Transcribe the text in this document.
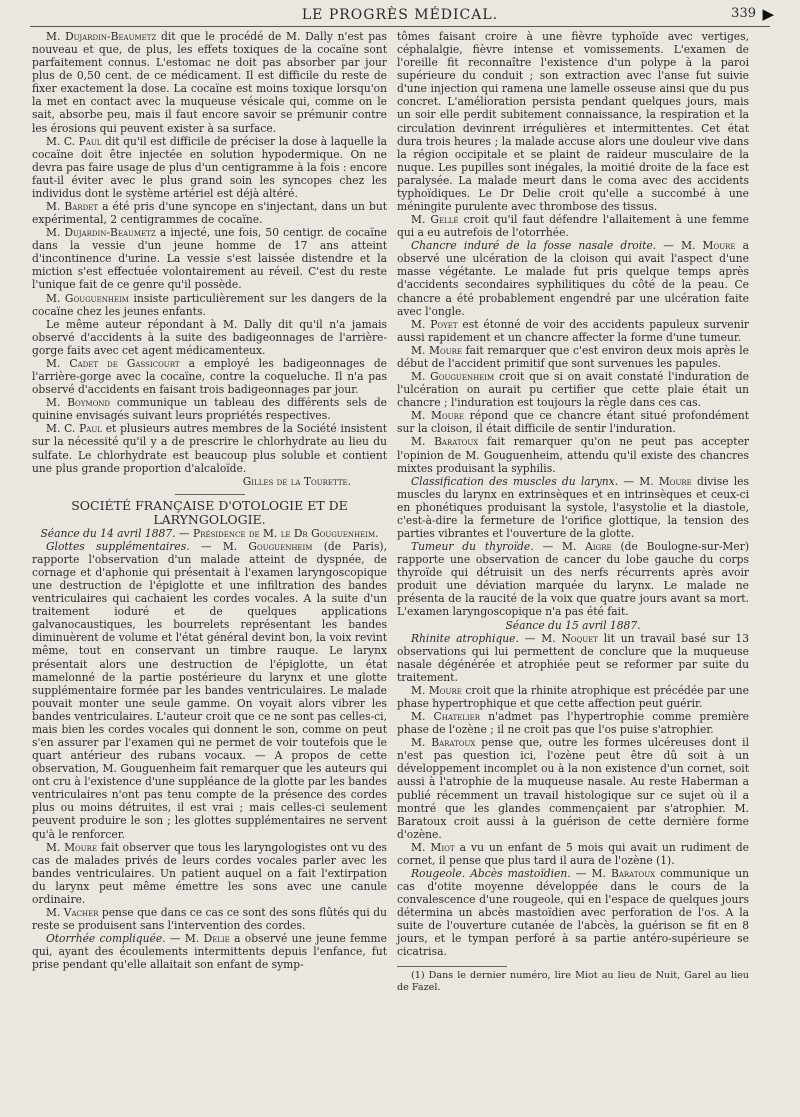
LE PROGRÈS MÉDICAL.	339 ▶

M. Dujardin-Beaumetz dit que le procédé de M. Dally n'est pas nouveau et que, de plus, les effets toxiques de la cocaïne sont parfaitement connus. L'estomac ne doit pas absorber par jour plus de 0,50 cent. de ce médicament. Il est difficile du reste de fixer exactement la dose. La cocaïne est moins toxique lorsqu'on la met en contact avec la muqueuse vésicale qui, comme on le sait, absorbe peu, mais il faut encore savoir se prémunir contre les érosions qui peuvent exister à sa surface.

M. C. Paul dit qu'il est difficile de préciser la dose à laquelle la cocaïne doit être injectée en solution hypodermique. On ne devra pas faire usage de plus d'un centigramme à la fois : encore faut-il éviter avec le plus grand soin les syncopes chez les individus dont le système artériel est déjà altéré.

M. Bardet a été pris d'une syncope en s'injectant, dans un but expérimental, 2 centigrammes de cocaïne.

M. Dujardin-Beaumetz a injecté, une fois, 50 centigr. de cocaïne dans la vessie d'un jeune homme de 17 ans atteint d'incontinence d'urine. La vessie s'est laissée distendre et la miction s'est effectuée volontairement au réveil. C'est du reste l'unique fait de ce genre qu'il possède.

M. Gouguenheim insiste particulièrement sur les dangers de la cocaïne chez les jeunes enfants.

Le même auteur répondant à M. Dally dit qu'il n'a jamais observé d'accidents à la suite des badigeonnages de l'arrière-gorge faits avec cet agent médicamenteux.

M. Cadet de Gassicourt a employé les badigeonnages de l'arrière-gorge avec la cocaïne, contre la coqueluche. Il n'a pas observé d'accidents en faisant trois badigeonnages par jour.

M. Boymond communique un tableau des différents sels de quinine envisagés suivant leurs propriétés respectives.

M. C. Paul et plusieurs autres membres de la Société insistent sur la nécessité qu'il y a de prescrire le chlorhydrate au lieu du sulfate. Le chlorhydrate est beaucoup plus soluble et contient une plus grande proportion d'alcaloïde.

Gilles de la Tourette.

SOCIÉTÉ FRANÇAISE D'OTOLOGIE ET DE LARYNGOLOGIE.

Séance du 14 avril 1887. — Présidence de M. le Dr Gouguenheim.

Glottes supplémentaires. — M. Gouguenheim (de Paris), rapporte l'observation d'un malade atteint de dyspnée, de cornage et d'aphonie qui présentait à l'examen laryngoscopique une destruction de l'épiglotte et une infiltration des bandes ventriculaires qui cachaient les cordes vocales. A la suite d'un traitement ioduré et de quelques applications galvanocaustiques, les bourrelets représentant les bandes diminuèrent de volume et l'état général devint bon, la voix revint même, tout en conservant un timbre rauque. Le larynx présentait alors une destruction de l'épiglotte, un état mamelonné de la partie postérieure du larynx et une glotte supplémentaire formée par les bandes ventriculaires. Le malade pouvait monter une seule gamme. On voyait alors vibrer les bandes ventriculaires. L'auteur croit que ce ne sont pas celles-ci, mais bien les cordes vocales qui donnent le son, comme on peut s'en assurer par l'examen qui ne permet de voir toutefois que le quart antérieur des rubans vocaux. — A propos de cette observation, M. Gouguenheim fait remarquer que les auteurs qui ont cru à l'existence d'une suppléance de la glotte par les bandes ventriculaires n'ont pas tenu compte de la présence des cordes plus ou moins détruites, il est vrai ; mais celles-ci seulement peuvent produire le son ; les glottes supplémentaires ne servent qu'à le renforcer.

M. Moure fait observer que tous les laryngologistes ont vu des cas de malades privés de leurs cordes vocales parler avec les bandes ventriculaires. Un patient auquel on a fait l'extirpation du larynx peut même émettre les sons avec une canule ordinaire.

M. Vacher pense que dans ce cas ce sont des sons flûtés qui du reste se produisent sans l'intervention des cordes.

Otorrhée compliquée. — M. Delie a observé une jeune femme qui, ayant des écoulements intermittents depuis l'enfance, fut prise pendant qu'elle allaitait son enfant de symp-

tômes faisant croire à une fièvre typhoïde avec vertiges, céphalalgie, fièvre intense et vomissements. L'examen de l'oreille fit reconnaître l'existence d'un polype à la paroi supérieure du conduit ; son extraction avec l'anse fut suivie d'une injection qui ramena une lamelle osseuse ainsi que du pus concret. L'amélioration persista pendant quelques jours, mais un soir elle perdit subitement connaissance, la respiration et la circulation devinrent irrégulières et intermittentes. Cet état dura trois heures ; la malade accuse alors une douleur vive dans la région occipitale et se plaint de raideur musculaire de la nuque. Les pupilles sont inégales, la moitié droite de la face est paralysée. La malade meurt dans le coma avec des accidents typhoïdiques. Le Dr Delie croit qu'elle a succombé à une méningite purulente avec thrombose des tissus.

M. Gellé croit qu'il faut défendre l'allaitement à une femme qui a eu autrefois de l'otorrhée.

Chancre induré de la fosse nasale droite. — M. Moure a observé une ulcération de la cloison qui avait l'aspect d'une masse végétante. Le malade fut pris quelque temps après d'accidents secondaires syphilitiques du côté de la peau. Ce chancre a été probablement engendré par une ulcération faite avec l'ongle.

M. Poyet est étonné de voir des accidents papuleux survenir aussi rapidement et un chancre affecter la forme d'une tumeur.

M. Moure fait remarquer que c'est environ deux mois après le début de l'accident primitif que sont survenues les papules.

M. Gouguenheim croit que si on avait constaté l'induration de l'ulcération on aurait pu certifier que cette plaie était un chancre ; l'induration est toujours la règle dans ces cas.

M. Moure répond que ce chancre étant situé profondément sur la cloison, il était difficile de sentir l'induration.

M. Baratoux fait remarquer qu'on ne peut pas accepter l'opinion de M. Gouguenheim, attendu qu'il existe des chancres mixtes produisant la syphilis.

Classification des muscles du larynx. — M. Moure divise les muscles du larynx en extrinsèques et en intrinsèques et ceux-ci en phonétiques produisant la systole, l'asystolie et la diastole, c'est-à-dire la fermeture de l'orifice glottique, la tension des parties vibrantes et l'ouverture de la glotte.

Tumeur du thyroïde. — M. Aigre (de Boulogne-sur-Mer) rapporte une observation de cancer du lobe gauche du corps thyroïde qui détruisit un des nerfs récurrents après avoir produit une déviation marquée du larynx. Le malade ne présenta de la raucité de la voix que quatre jours avant sa mort. L'examen laryngoscopique n'a pas été fait.

Séance du 15 avril 1887.

Rhinite atrophique. — M. Noquet lit un travail basé sur 13 observations qui lui permettent de conclure que la muqueuse nasale dégénérée et atrophiée peut se reformer par suite du traitement.

M. Moure croit que la rhinite atrophique est précédée par une phase hypertrophique et que cette affection peut guérir.

M. Chatelier n'admet pas l'hypertrophie comme première phase de l'ozène ; il ne croit pas que l'os puise s'atrophier.

M. Baratoux pense que, outre les formes ulcéreuses dont il n'est pas question ici, l'ozène peut être dû soit à un développement incomplet ou à la non existence d'un cornet, soit aussi à l'atrophie de la muqueuse nasale. Au reste Haberman a publié récemment un travail histologique sur ce sujet où il a montré que les glandes commençaient par s'atrophier. M. Baratoux croit aussi à la guérison de cette dernière forme d'ozène.

M. Miot a vu un enfant de 5 mois qui avait un rudiment de cornet, il pense que plus tard il aura de l'ozène (1).

Rougeole. Abcès mastoïdien. — M. Baratoux communique un cas d'otite moyenne développée dans le cours de la convalescence d'une rougeole, qui en l'espace de quelques jours détermina un abcès mastoïdien avec perforation de l'os. A la suite de l'ouverture cutanée de l'abcès, la guérison se fit en 8 jours, et le tympan perforé à sa partie antéro-supérieure se cicatrisa.

(1) Dans le dernier numéro, lire Miot au lieu de Nuit, Garel au lieu de Fazel.
